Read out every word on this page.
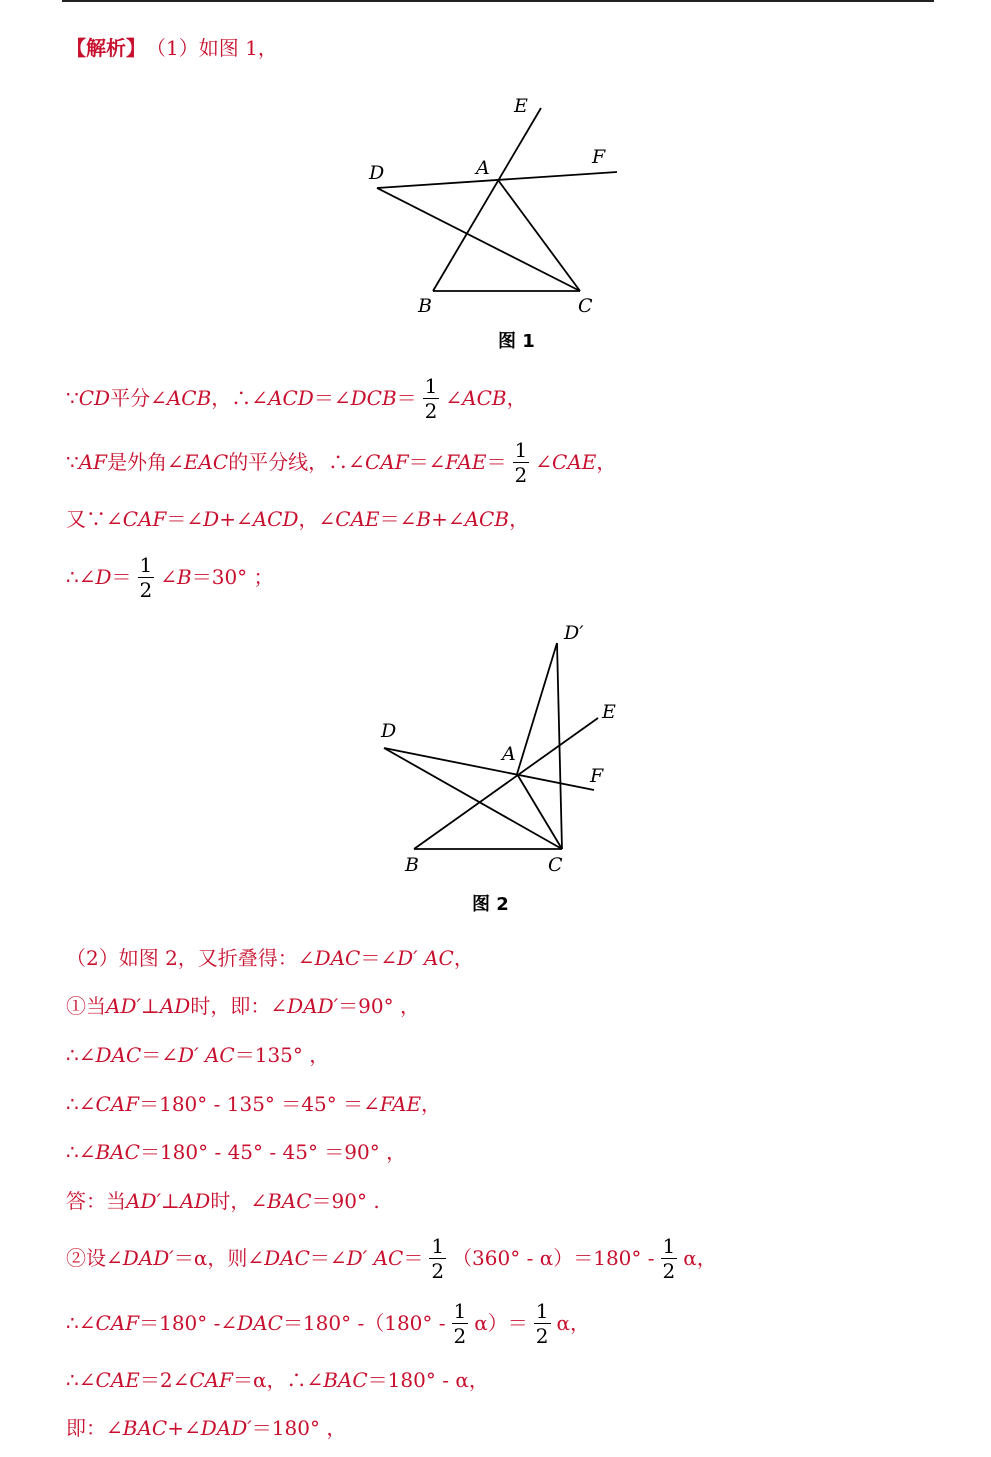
【解析】 （1）如图 1，
E
F
D	A
B	C
D′
E
F
D
A
B	C
图 1
图 2
∵ CD 平分∠ ACB ，∴∠ ACD ＝∠ DCB ＝ $\frac{1}{2}$ ∠ ACB ，
∵ AF 是外角∠ EAC 的平分线，∴∠ CAF ＝∠ FAE ＝ $\frac{1}{2}$ ∠ CAE ，
又∵∠ CAF ＝∠ D +∠ ACD ，∠ CAE ＝∠ B +∠ ACB ，
∴∠ $D = \frac{1}{2}$ ∠ B ＝30° ；
（2）如图 2，又折叠得：∠ DAC ＝∠ D′ AC ，
①当 AD′ ⊥ AD 时，即：∠ DAD′ ＝90° ，
∴∠ DAC ＝∠ D′ AC ＝135° ，
∴∠ CAF ＝180° - 135° ＝45° ＝∠ FAE ，
∴∠ BAC ＝180° - 45° - 45° ＝90° ，
答：当 AD′ ⊥ AD 时，∠ BAC ＝90° .
②设∠ DAD′ ＝α，则∠ DAC ＝∠ D′ AC ＝ $\frac{1}{2} (360^\circ - \alpha)=180^\circ - \frac{1}{2}$ α，
∴∠ CAF ＝180° -∠ DAC ＝180° $-(180^\circ - \frac{1}{2} \alpha)= \frac{1}{2}$ α，
∴∠ CAE ＝2∠ CAF ＝α，∴∠ BAC ＝180° - α，
即：∠ BAC +∠ DAD′ ＝180° ，
